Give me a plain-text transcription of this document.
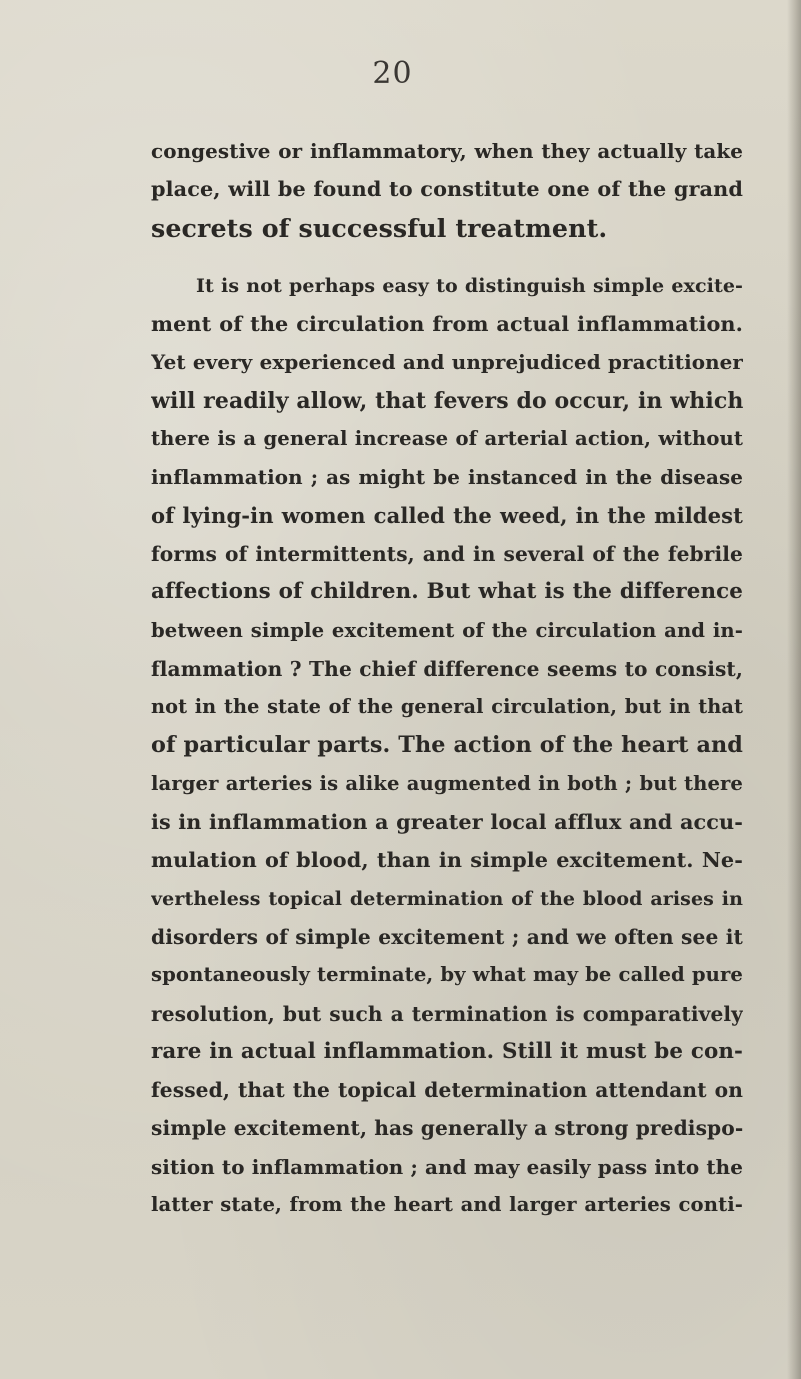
20
congestive or inflammatory, when they actually take
place, will be found to constitute one of the grand
secrets of successful treatment.
It is not perhaps easy to distinguish simple excite-
ment of the circulation from actual inflammation.
Yet every experienced and unprejudiced practitioner
will readily allow, that fevers do occur, in which
there is a general increase of arterial action, without
inflammation ; as might be instanced in the disease
of lying-in women called the weed, in the mildest
forms of intermittents, and in several of the febrile
affections of children. But what is the difference
between simple excitement of the circulation and in-
flammation ? The chief difference seems to consist,
not in the state of the general circulation, but in that
of particular parts. The action of the heart and
larger arteries is alike augmented in both ; but there
is in inflammation a greater local afflux and accu-
mulation of blood, than in simple excitement. Ne-
vertheless topical determination of the blood arises in
disorders of simple excitement ; and we often see it
spontaneously terminate, by what may be called pure
resolution, but such a termination is comparatively
rare in actual inflammation. Still it must be con-
fessed, that the topical determination attendant on
simple excitement, has generally a strong predispo-
sition to inflammation ; and may easily pass into the
latter state, from the heart and larger arteries conti-
